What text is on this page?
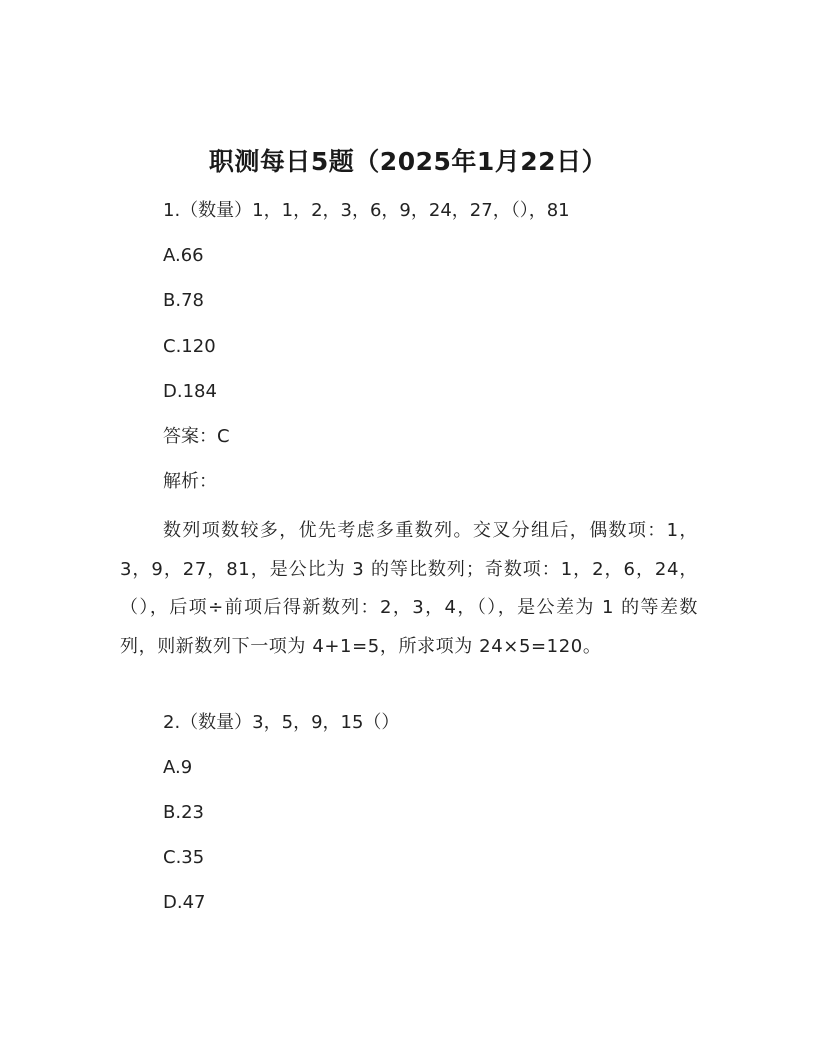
职测每日5题（2025年1月22日）
1.（数量）1，1，2，3，6，9，24，27，（），81
A.66
B.78
C.120
D.184
答案：C
解析：
数列项数较多，优先考虑多重数列。交叉分组后，偶数项：1，3，9，27，81，是公比为 3 的等比数列；奇数项：1，2，6，24，（），后项÷前项后得新数列：2，3，4，（），是公差为 1 的等差数列，则新数列下一项为 4+1=5，所求项为 24×5=120。
2.（数量）3，5，9，15（）
A.9
B.23
C.35
D.47
